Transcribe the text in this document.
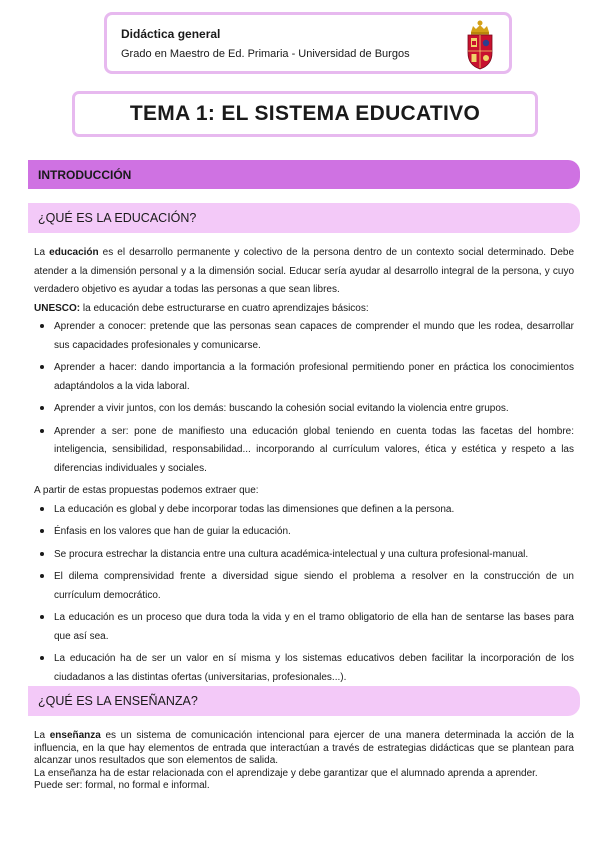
Didáctica general
Grado en Maestro de Ed. Primaria - Universidad de Burgos
TEMA 1: EL SISTEMA EDUCATIVO
INTRODUCCIÓN
¿QUÉ ES LA EDUCACIÓN?

La educación es el desarrollo permanente y colectivo de la persona dentro de un contexto social determinado. Debe atender a la dimensión personal y a la dimensión social. Educar sería ayudar al desarrollo integral de la persona, y cuyo verdadero objetivo es ayudar a todas las personas a que sean libres.

UNESCO: la educación debe estructurarse en cuatro aprendizajes básicos:

Aprender a conocer: pretende que las personas sean capaces de comprender el mundo que les rodea, desarrollar sus capacidades profesionales y comunicarse.
Aprender a hacer: dando importancia a la formación profesional permitiendo poner en práctica los conocimientos adaptándolos a la vida laboral.
Aprender a vivir juntos, con los demás: buscando la cohesión social evitando la violencia entre grupos.
Aprender a ser: pone de manifiesto una educación global teniendo en cuenta todas las facetas del hombre: inteligencia, sensibilidad, responsabilidad... incorporando al currículum valores, ética y estética y respeto a las diferencias individuales y sociales.

A partir de estas propuestas podemos extraer que:

La educación es global y debe incorporar todas las dimensiones que definen a la persona.
Énfasis en los valores que han de guiar la educación.
Se procura estrechar la distancia entre una cultura académica-intelectual y una cultura profesional-manual.
El dilema comprensividad frente a diversidad sigue siendo el problema a resolver en la construcción de un currículum democrático.
La educación es un proceso que dura toda la vida y en el tramo obligatorio de ella han de sentarse las bases para que así sea.
La educación ha de ser un valor en sí misma y los sistemas educativos deben facilitar la incorporación de los ciudadanos a las distintas ofertas (universitarias, profesionales...).
¿QUÉ ES LA ENSEÑANZA?

La enseñanza es un sistema de comunicación intencional para ejercer de una manera determinada la acción de la influencia, en la que hay elementos de entrada que interactúan a través de estrategias didácticas que se plantean para alcanzar unos resultados que son elementos de salida.

La enseñanza ha de estar relacionada con el aprendizaje y debe garantizar que el alumnado aprenda a aprender.

Puede ser: formal, no formal e informal.
